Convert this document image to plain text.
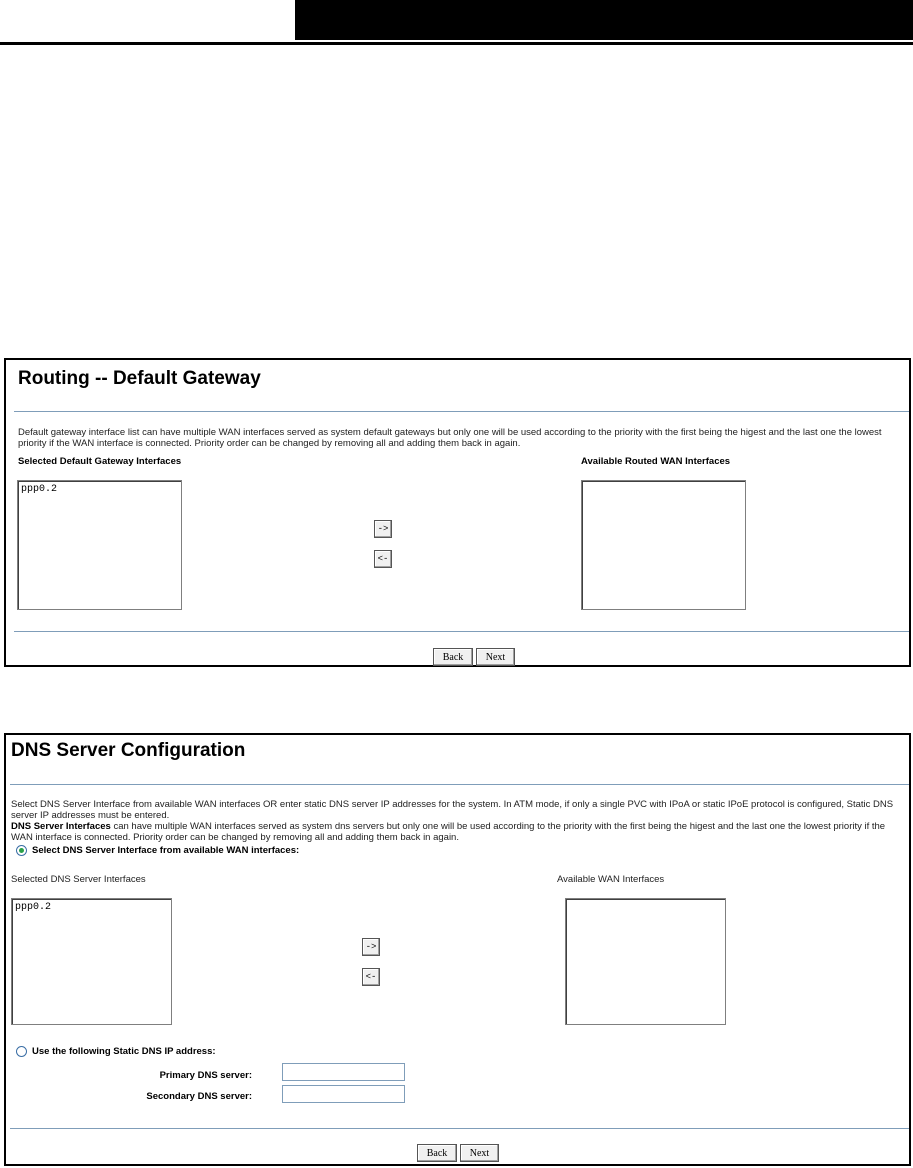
Routing -- Default Gateway
Default gateway interface list can have multiple WAN interfaces served as system default gateways but only one will be used according to the priority with the first being the higest and the last one the lowest priority if the WAN interface is connected. Priority order can be changed by removing all and adding them back in again.
Selected Default Gateway Interfaces	Available Routed WAN Interfaces
ppp0.2
->
<-
Back	Next
DNS Server Configuration
Select DNS Server Interface from available WAN interfaces OR enter static DNS server IP addresses for the system. In ATM mode, if only a single PVC with IPoA or static IPoE protocol is configured, Static DNS server IP addresses must be entered.
DNS Server Interfaces can have multiple WAN interfaces served as system dns servers but only one will be used according to the priority with the first being the higest and the last one the lowest priority if the WAN interface is connected. Priority order can be changed by removing all and adding them back in again.
Select DNS Server Interface from available WAN interfaces:
Selected DNS Server Interfaces	Available WAN Interfaces
ppp0.2
->
<-
Use the following Static DNS IP address:
Primary DNS server:
Secondary DNS server:
Back	Next
